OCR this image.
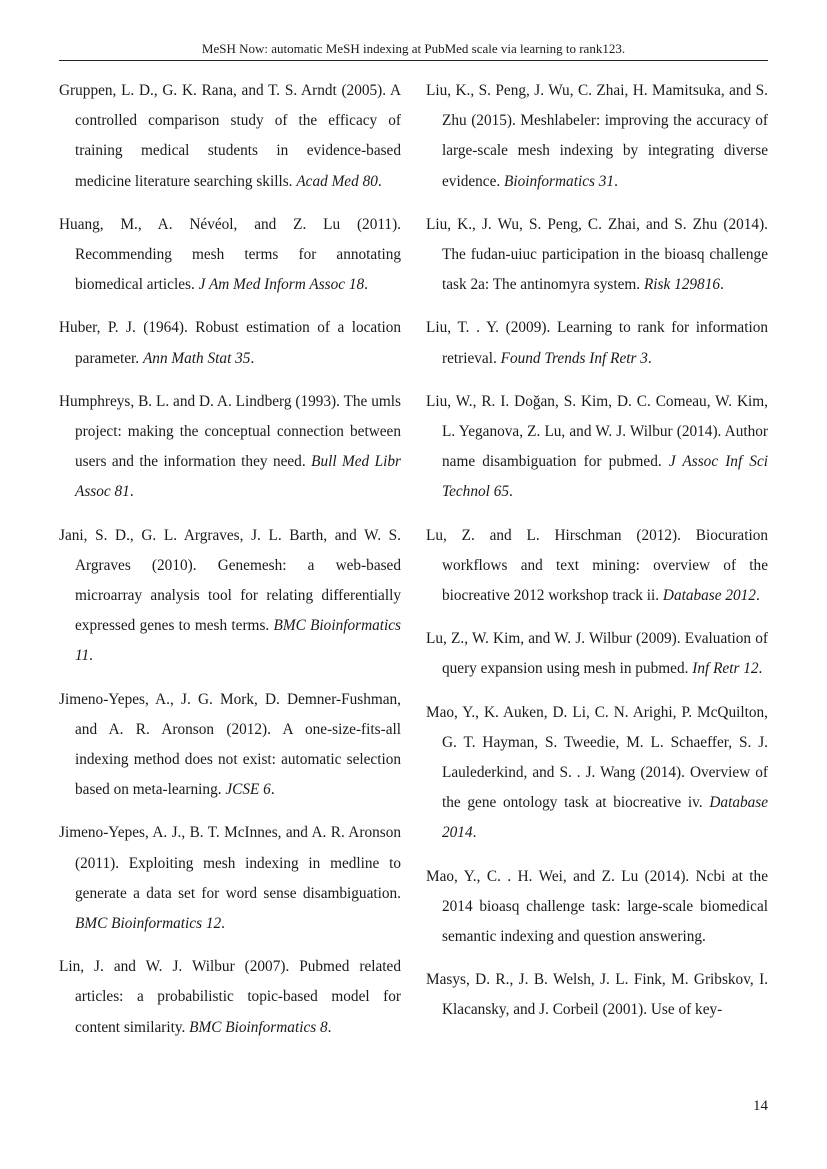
MeSH Now: automatic MeSH indexing at PubMed scale via learning to rank123.

Gruppen, L. D., G. K. Rana, and T. S. Arndt (2005). A controlled comparison study of the efficacy of training medical students in evidence-based medicine literature searching skills. Acad Med 80.

Huang, M., A. Névéol, and Z. Lu (2011). Recommending mesh terms for annotating biomedical articles. J Am Med Inform Assoc 18.

Huber, P. J. (1964). Robust estimation of a location parameter. Ann Math Stat 35.

Humphreys, B. L. and D. A. Lindberg (1993). The umls project: making the conceptual connection between users and the information they need. Bull Med Libr Assoc 81.

Jani, S. D., G. L. Argraves, J. L. Barth, and W. S. Argraves (2010). Genemesh: a web-based microarray analysis tool for relating differentially expressed genes to mesh terms. BMC Bioinformatics 11.

Jimeno-Yepes, A., J. G. Mork, D. Demner-Fushman, and A. R. Aronson (2012). A one-size-fits-all indexing method does not exist: automatic selection based on meta-learning. JCSE 6.

Jimeno-Yepes, A. J., B. T. McInnes, and A. R. Aronson (2011). Exploiting mesh indexing in medline to generate a data set for word sense disambiguation. BMC Bioinformatics 12.

Lin, J. and W. J. Wilbur (2007). Pubmed related articles: a probabilistic topic-based model for content similarity. BMC Bioinformatics 8.

Liu, K., S. Peng, J. Wu, C. Zhai, H. Mamitsuka, and S. Zhu (2015). Meshlabeler: improving the accuracy of large-scale mesh indexing by integrating diverse evidence. Bioinformatics 31.

Liu, K., J. Wu, S. Peng, C. Zhai, and S. Zhu (2014). The fudan-uiuc participation in the bioasq challenge task 2a: The antinomyra system. Risk 129816.

Liu, T. . Y. (2009). Learning to rank for information retrieval. Found Trends Inf Retr 3.

Liu, W., R. I. Doğan, S. Kim, D. C. Comeau, W. Kim, L. Yeganova, Z. Lu, and W. J. Wilbur (2014). Author name disambiguation for pubmed. J Assoc Inf Sci Technol 65.

Lu, Z. and L. Hirschman (2012). Biocuration workflows and text mining: overview of the biocreative 2012 workshop track ii. Database 2012.

Lu, Z., W. Kim, and W. J. Wilbur (2009). Evaluation of query expansion using mesh in pubmed. Inf Retr 12.

Mao, Y., K. Auken, D. Li, C. N. Arighi, P. McQuilton, G. T. Hayman, S. Tweedie, M. L. Schaeffer, S. J. Laulederkind, and S. . J. Wang (2014). Overview of the gene ontology task at biocreative iv. Database 2014.

Mao, Y., C. . H. Wei, and Z. Lu (2014). Ncbi at the 2014 bioasq challenge task: large-scale biomedical semantic indexing and question answering.

Masys, D. R., J. B. Welsh, J. L. Fink, M. Gribskov, I. Klacansky, and J. Corbeil (2001). Use of key-

14
